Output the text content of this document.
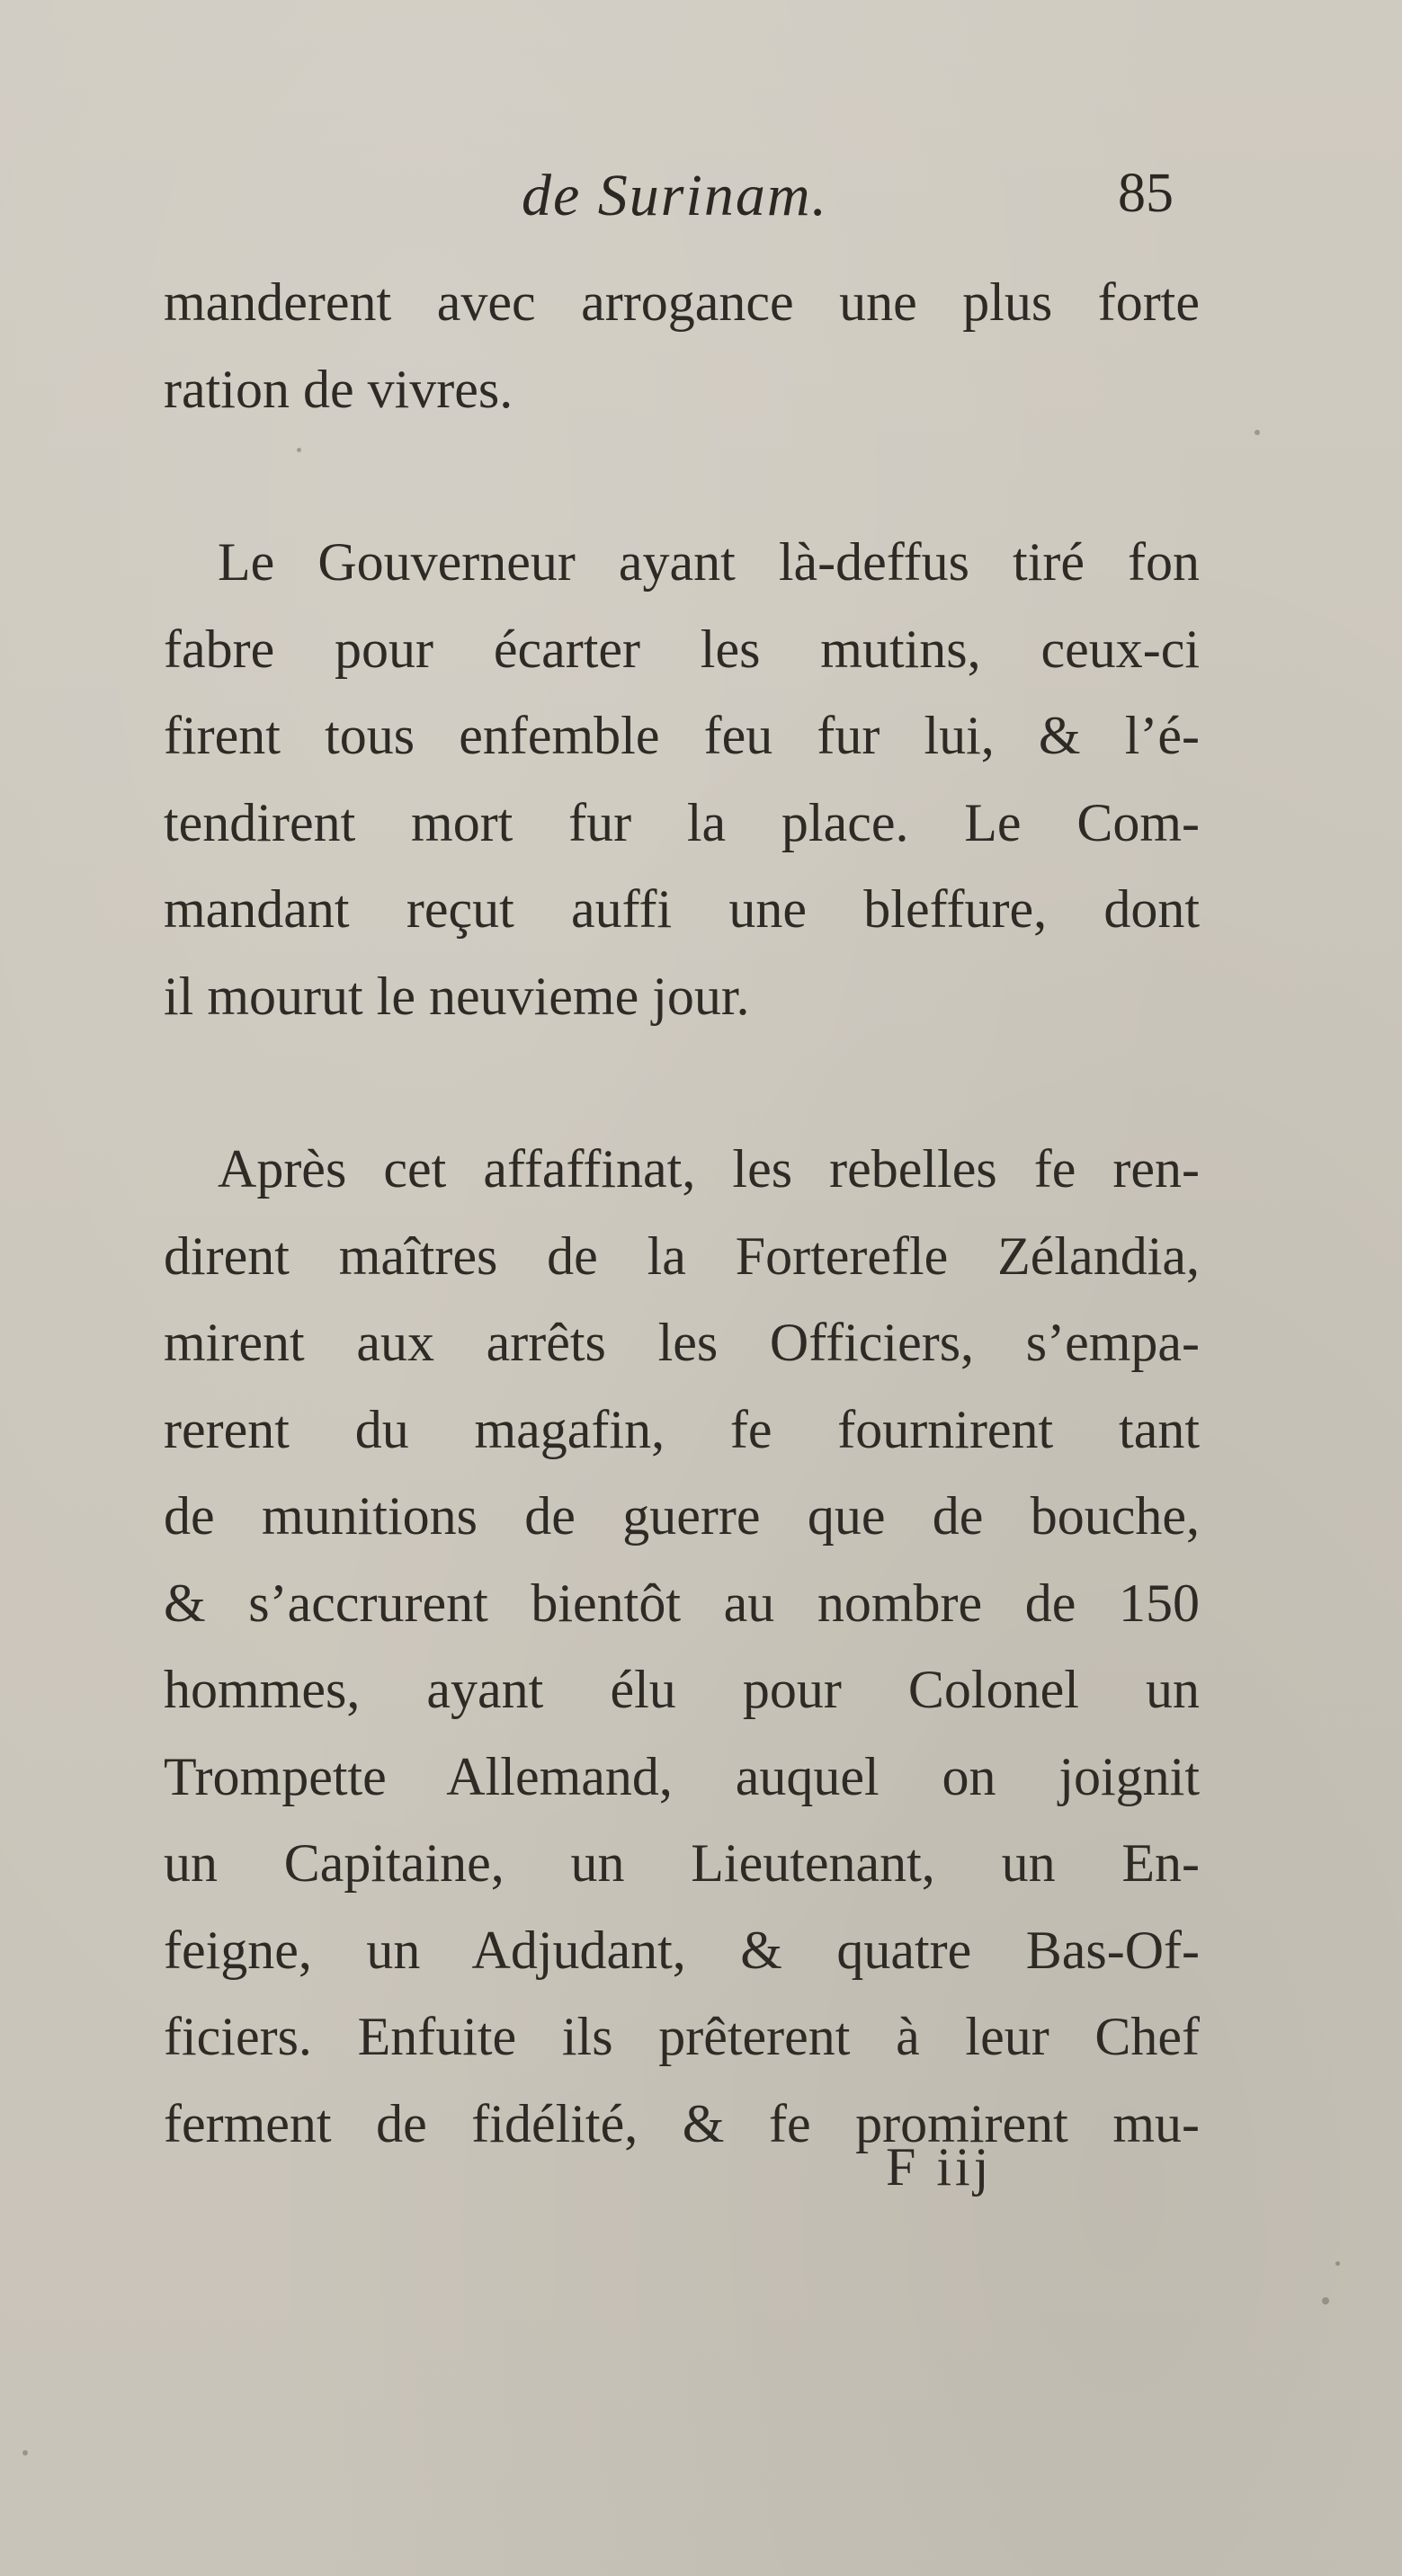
de Surinam.	85

manderent avec arrogance une plus forte
ration de vivres.

Le Gouverneur ayant là-deffus tiré fon
fabre pour écarter les mutins, ceux-ci
firent tous enfemble feu fur lui, & l’é-
tendirent mort fur la place. Le Com-
mandant reçut auffi une bleffure, dont
il mourut le neuvieme jour.

Après cet affaffinat, les rebelles fe ren-
dirent maîtres de la Forterefle Zélandia,
mirent aux arrêts les Officiers, s’empa-
rerent du magafin, fe fournirent tant
de munitions de guerre que de bouche,
& s’accrurent bientôt au nombre de 150
hommes, ayant élu pour Colonel un
Trompette Allemand, auquel on joignit
un Capitaine, un Lieutenant, un En-
feigne, un Adjudant, & quatre Bas-Of-
ficiers. Enfuite ils prêterent à leur Chef
ferment de fidélité, & fe promirent mu-

F iij
